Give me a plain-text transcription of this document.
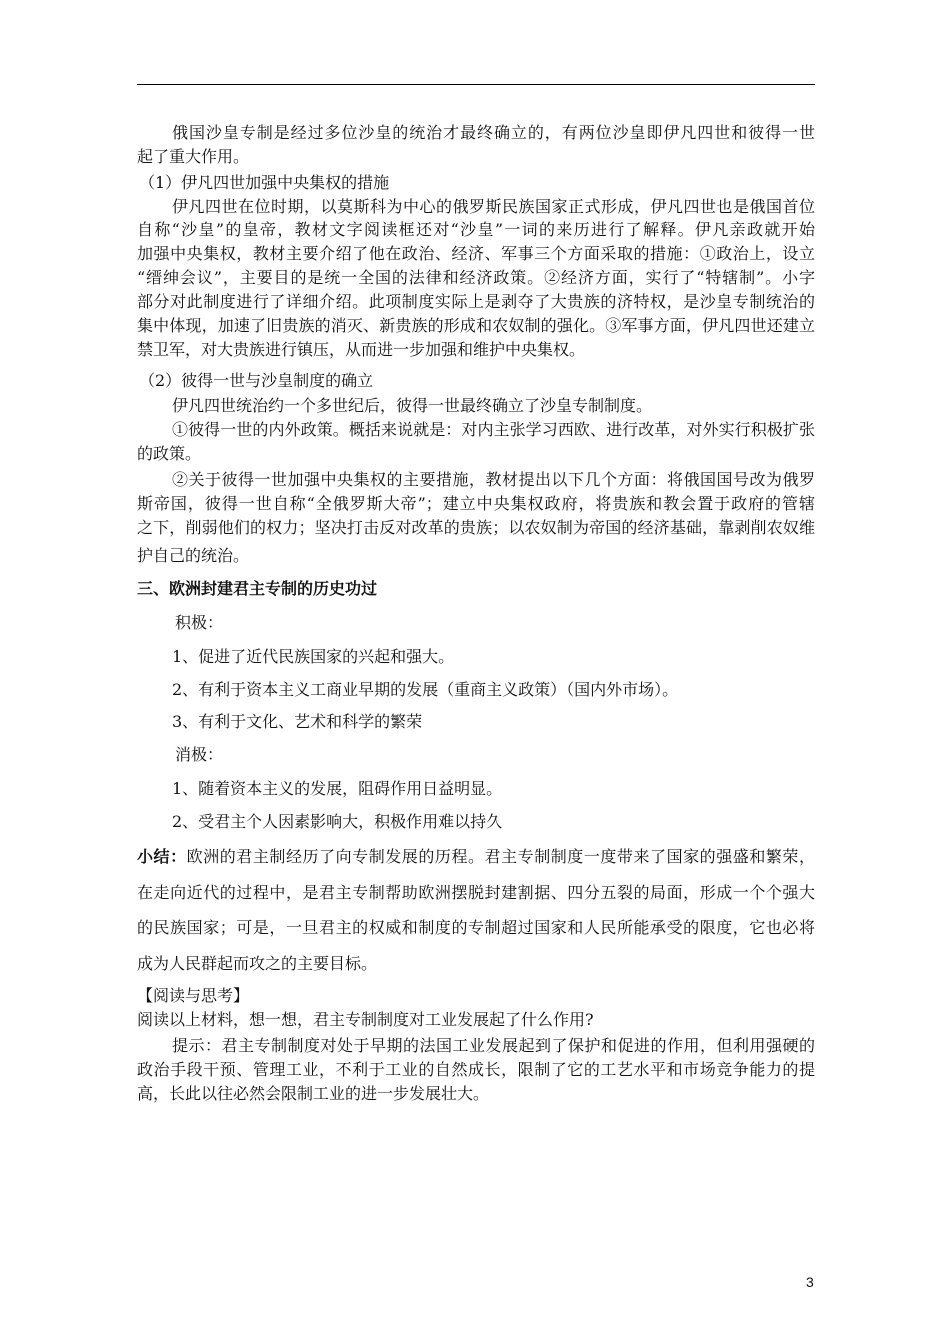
俄国沙皇专制是经过多位沙皇的统治才最终确立的，有两位沙皇即伊凡四世和彼得一世
起了重大作用。
（1）伊凡四世加强中央集权的措施
伊凡四世在位时期，以莫斯科为中心的俄罗斯民族国家正式形成，伊凡四世也是俄国首位
自称“沙皇”的皇帝，教材文字阅读框还对“沙皇”一词的来历进行了解释。伊凡亲政就开始
加强中央集权，教材主要介绍了他在政治、经济、军事三个方面采取的措施：①政治上，设立
“缙绅会议”，主要目的是统一全国的法律和经济政策。②经济方面，实行了“特辖制”。小字
部分对此制度进行了详细介绍。此项制度实际上是剥夺了大贵族的济特权，是沙皇专制统治的
集中体现，加速了旧贵族的消灭、新贵族的形成和农奴制的强化。③军事方面，伊凡四世还建立
禁卫军，对大贵族进行镇压，从而进一步加强和维护中央集权。
（2）彼得一世与沙皇制度的确立
伊凡四世统治约一个多世纪后，彼得一世最终确立了沙皇专制制度。
①彼得一世的内外政策。概括来说就是：对内主张学习西欧、进行改革，对外实行积极扩张
的政策。
②关于彼得一世加强中央集权的主要措施，教材提出以下几个方面：将俄国国号改为俄罗
斯帝国，彼得一世自称“全俄罗斯大帝”；建立中央集权政府，将贵族和教会置于政府的管辖
之下，削弱他们的权力；坚决打击反对改革的贵族；以农奴制为帝国的经济基础，靠剥削农奴维
护自己的统治。
三、欧洲封建君主专制的历史功过
积极：
1、促进了近代民族国家的兴起和强大。
2、有利于资本主义工商业早期的发展（重商主义政策）（国内外市场）。
3、有利于文化、艺术和科学的繁荣
消极：
1、随着资本主义的发展，阻碍作用日益明显。
2、受君主个人因素影响大，积极作用难以持久
小结：欧洲的君主制经历了向专制发展的历程。君主专制制度一度带来了国家的强盛和繁荣，
在走向近代的过程中，是君主专制帮助欧洲摆脱封建割据、四分五裂的局面，形成一个个强大
的民族国家；可是，一旦君主的权威和制度的专制超过国家和人民所能承受的限度，它也必将
成为人民群起而攻之的主要目标。
【阅读与思考】
阅读以上材料，想一想，君主专制制度对工业发展起了什么作用?
提示：君主专制制度对处于早期的法国工业发展起到了保护和促进的作用，但利用强硬的
政治手段干预、管理工业，不利于工业的自然成长，限制了它的工艺水平和市场竞争能力的提
高，长此以往必然会限制工业的进一步发展壮大。
3
